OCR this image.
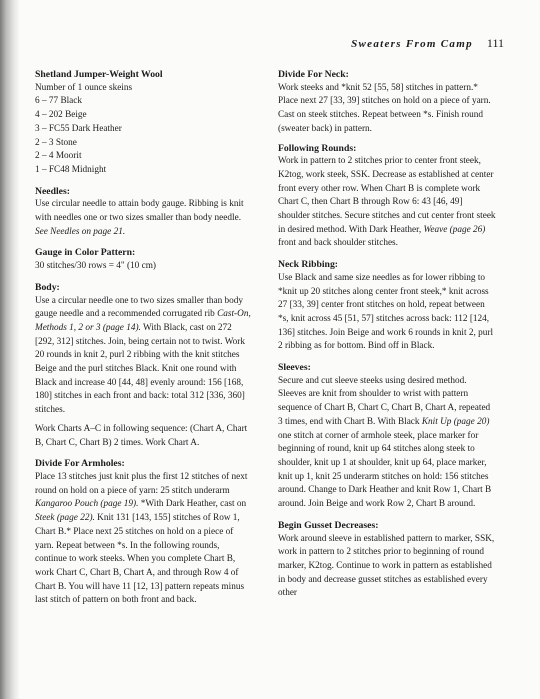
Sweaters From Camp 111
Shetland Jumper-Weight Wool
Number of 1 ounce skeins
6 – 77 Black
4 – 202 Beige
3 – FC55 Dark Heather
2 – 3 Stone
2 – 4 Moorit
1 – FC48 Midnight
Needles:

Use circular needle to attain body gauge. Ribbing is knit with needles one or two sizes smaller than body needle.

See Needles on page 21.

Gauge in Color Pattern:

30 stitches/30 rows = 4" (10 cm)

Body:

Use a circular needle one to two sizes smaller than body gauge needle and a recommended corrugated rib Cast-On, Methods 1, 2 or 3 (page 14). With Black, cast on 272 [292, 312] stitches. Join, being certain not to twist. Work 20 rounds in knit 2, purl 2 ribbing with the knit stitches Beige and the purl stitches Black. Knit one round with Black and increase 40 [44, 48] evenly around: 156 [168, 180] stitches in each front and back: total 312 [336, 360] stitches.

Work Charts A–C in following sequence: (Chart A, Chart B, Chart C, Chart B) 2 times. Work Chart A.

Divide For Armholes:

Place 13 stitches just knit plus the first 12 stitches of next round on hold on a piece of yarn: 25 stitch underarm Kangaroo Pouch (page 19). *With Dark Heather, cast on Steek (page 22). Knit 131 [143, 155] stitches of Row 1, Chart B.* Place next 25 stitches on hold on a piece of yarn. Repeat between *s. In the following rounds, continue to work steeks. When you complete Chart B, work Chart C, Chart B, Chart A, and through Row 4 of Chart B. You will have 11 [12, 13] pattern repeats minus last stitch of pattern on both front and back.

Divide For Neck:

Work steeks and *knit 52 [55, 58] stitches in pattern.* Place next 27 [33, 39] stitches on hold on a piece of yarn. Cast on steek stitches. Repeat between *s. Finish round (sweater back) in pattern.

Following Rounds:

Work in pattern to 2 stitches prior to center front steek, K2tog, work steek, SSK. Decrease as established at center front every other row. When Chart B is complete work Chart C, then Chart B through Row 6: 43 [46, 49] shoulder stitches. Secure stitches and cut center front steek in desired method. With Dark Heather, Weave (page 26) front and back shoulder stitches.

Neck Ribbing:

Use Black and same size needles as for lower ribbing to *knit up 20 stitches along center front steek,* knit across 27 [33, 39] center front stitches on hold, repeat between *s, knit across 45 [51, 57] stitches across back: 112 [124, 136] stitches. Join Beige and work 6 rounds in knit 2, purl 2 ribbing as for bottom. Bind off in Black.

Sleeves:

Secure and cut sleeve steeks using desired method. Sleeves are knit from shoulder to wrist with pattern sequence of Chart B, Chart C, Chart B, Chart A, repeated 3 times, end with Chart B. With Black Knit Up (page 20) one stitch at corner of armhole steek, place marker for beginning of round, knit up 64 stitches along steek to shoulder, knit up 1 at shoulder, knit up 64, place marker, knit up 1, knit 25 underarm stitches on hold: 156 stitches around. Change to Dark Heather and knit Row 1, Chart B around. Join Beige and work Row 2, Chart B around.

Begin Gusset Decreases:

Work around sleeve in established pattern to marker, SSK, work in pattern to 2 stitches prior to beginning of round marker, K2tog. Continue to work in pattern as established in body and decrease gusset stitches as established every other
